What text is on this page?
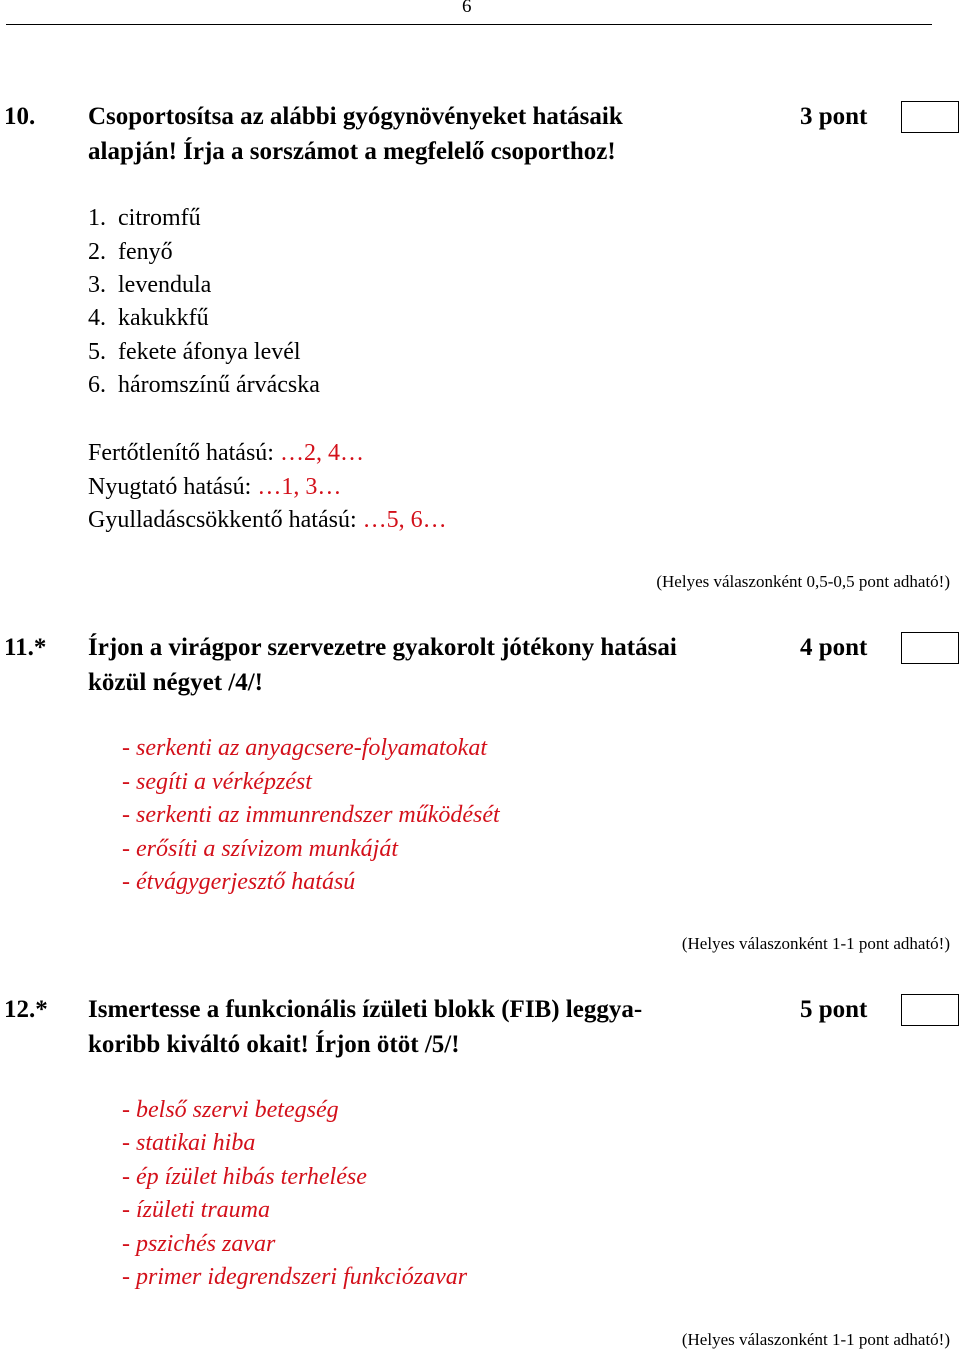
6
10. Csoportosítsa az alábbi gyógynövényeket hatásaik
alapján! Írja a sorszámot a megfelelő csoporthoz!
3 pont
1. citromfű
2. fenyő
3. levendula
4. kakukkfű
5. fekete áfonya levél
6. háromszínű árvácska
Fertőtlenítő hatású: …2, 4…
Nyugtató hatású: …1, 3…
Gyulladáscsökkentő hatású: …5, 6…
(Helyes válaszonként 0,5-0,5 pont adható!)
11.* Írjon a virágpor szervezetre gyakorolt jótékony hatásai
közül négyet /4/!
4 pont
- serkenti az anyagcsere-folyamatokat
- segíti a vérképzést
- serkenti az immunrendszer működését
- erősíti a szívizom munkáját
- étvágygerjesztő hatású
(Helyes válaszonként 1-1 pont adható!)
12.* Ismertesse a funkcionális ízületi blokk (FIB) leggya-
koribb kiváltó okait! Írjon ötöt /5/!
5 pont
- belső szervi betegség
- statikai hiba
- ép ízület hibás terhelése
- ízületi trauma
- pszichés zavar
- primer idegrendszeri funkciózavar
(Helyes válaszonként 1-1 pont adható!)
